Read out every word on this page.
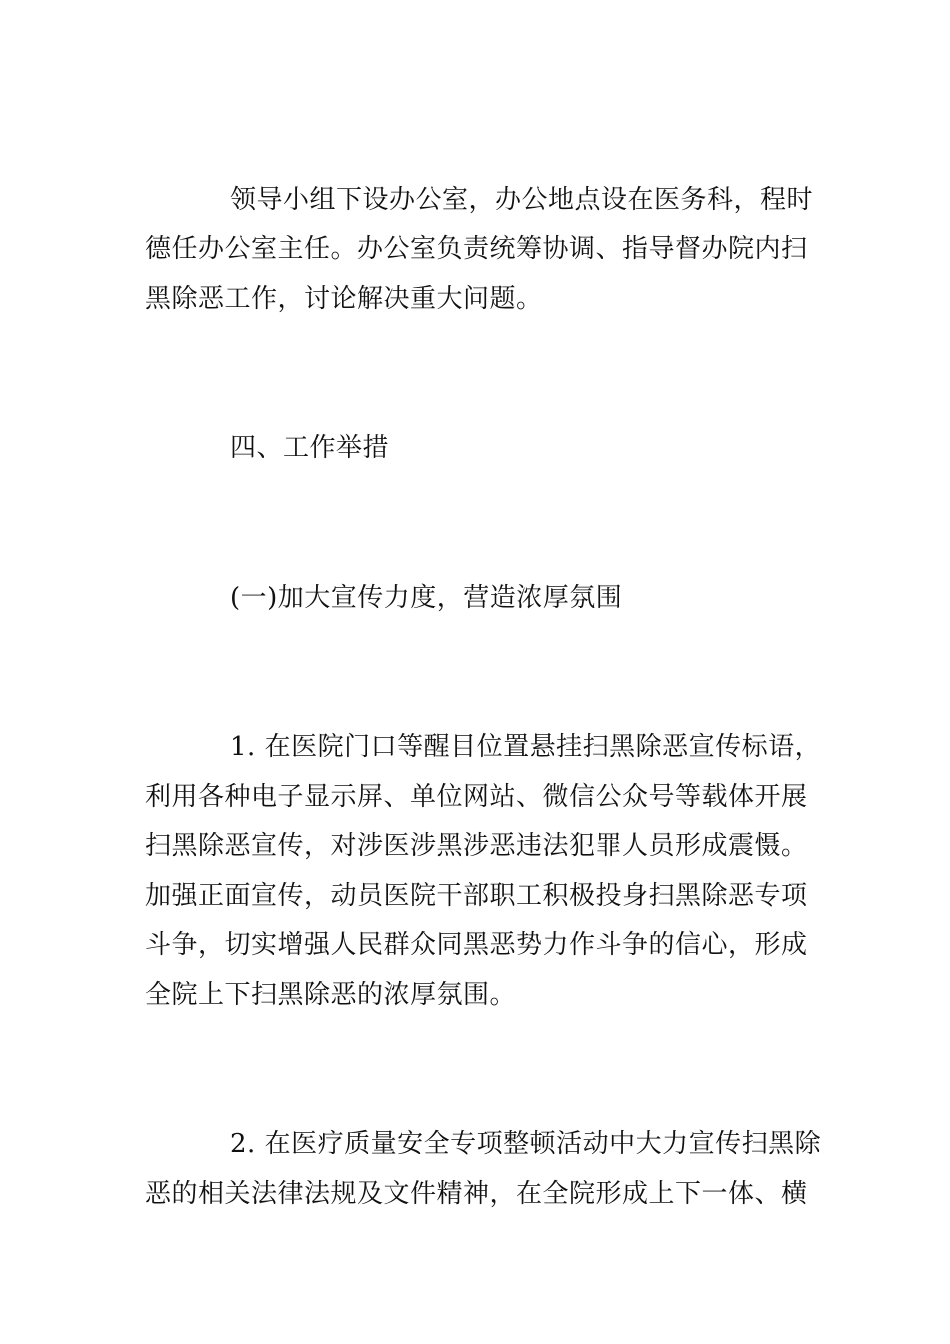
领导小组下设办公室，办公地点设在医务科，程时
德任办公室主任。办公室负责统筹协调、指导督办院内扫
黑除恶工作，讨论解决重大问题。
四、工作举措
(一)加大宣传力度，营造浓厚氛围
1. 在医院门口等醒目位置悬挂扫黑除恶宣传标语，
利用各种电子显示屏、单位网站、微信公众号等载体开展
扫黑除恶宣传，对涉医涉黑涉恶违法犯罪人员形成震慑。
加强正面宣传，动员医院干部职工积极投身扫黑除恶专项
斗争，切实增强人民群众同黑恶势力作斗争的信心，形成
全院上下扫黑除恶的浓厚氛围。
2. 在医疗质量安全专项整顿活动中大力宣传扫黑除
恶的相关法律法规及文件精神，在全院形成上下一体、横
